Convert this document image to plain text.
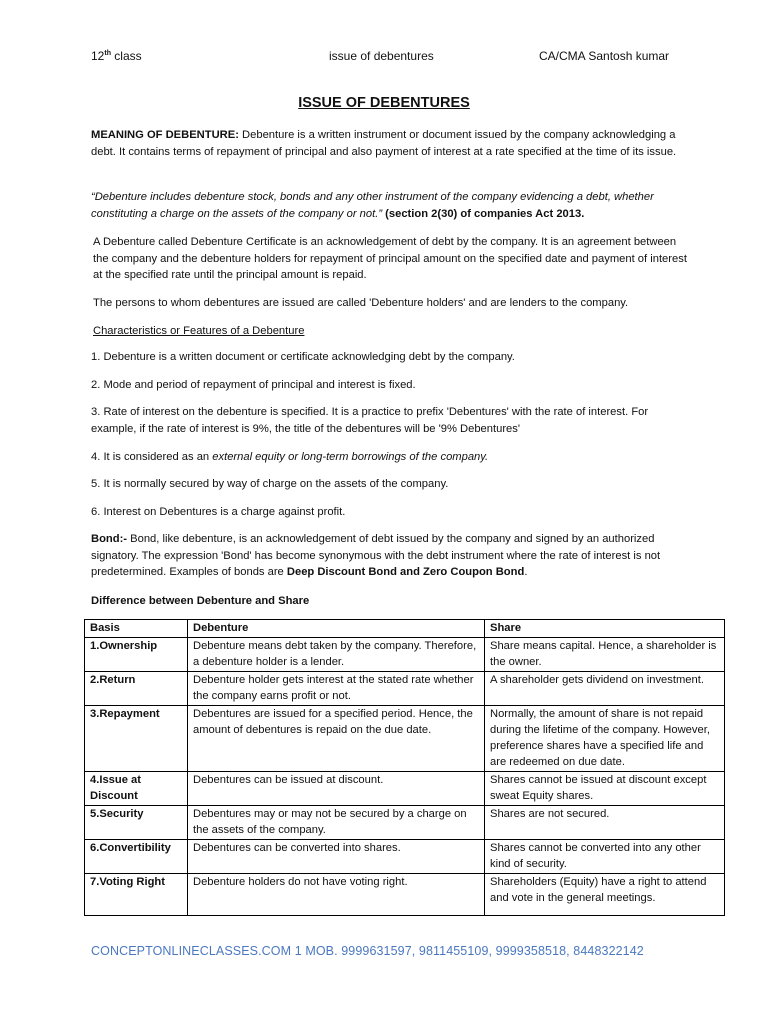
12th class	issue of debentures	CA/CMA Santosh kumar
ISSUE OF DEBENTURES

MEANING OF DEBENTURE: Debenture is a written instrument or document issued by the company acknowledging a debt. It contains terms of repayment of principal and also payment of interest at a rate specified at the time of its issue.

“Debenture includes debenture stock, bonds and any other instrument of the company evidencing a debt, whether constituting a charge on the assets of the company or not.” (section 2(30) of companies Act 2013.

A Debenture called Debenture Certificate is an acknowledgement of debt by the company. It is an agreement between the company and the debenture holders for repayment of principal amount on the specified date and payment of interest at the specified rate until the principal amount is repaid.

The persons to whom debentures are issued are called 'Debenture holders' and are lenders to the company.

Characteristics or Features of a Debenture

1. Debenture is a written document or certificate acknowledging debt by the company.

2. Mode and period of repayment of principal and interest is fixed.

3. Rate of interest on the debenture is specified. It is a practice to prefix 'Debentures' with the rate of interest. For example, if the rate of interest is 9%, the title of the debentures will be '9% Debentures'

4. It is considered as an external equity or long-term borrowings of the company.

5. It is normally secured by way of charge on the assets of the company.

6. Interest on Debentures is a charge against profit.

Bond:- Bond, like debenture, is an acknowledgement of debt issued by the company and signed by an authorized signatory. The expression 'Bond' has become synonymous with the debt instrument where the rate of interest is not predetermined. Examples of bonds are Deep Discount Bond and Zero Coupon Bond.

Difference between Debenture and Share

Basis	Debenture	Share
1.Ownership	Debenture means debt taken by the company. Therefore, a debenture holder is a lender.	Share means capital. Hence, a shareholder is the owner.
2.Return	Debenture holder gets interest at the stated rate whether the company earns profit or not.	A shareholder gets dividend on investment.
3.Repayment	Debentures are issued for a specified period. Hence, the amount of debentures is repaid on the due date.	Normally, the amount of share is not repaid during the lifetime of the company. However, preference shares have a specified life and are redeemed on due date.
4.Issue at Discount	Debentures can be issued at discount.	Shares cannot be issued at discount except sweat Equity shares.
5.Security	Debentures may or may not be secured by a charge on the assets of the company.	Shares are not secured.
6.Convertibility	Debentures can be converted into shares.	Shares cannot be converted into any other kind of security.
7.Voting Right	Debenture holders do not have voting right.	Shareholders (Equity) have a right to attend and vote in the general meetings.
CONCEPTONLINECLASSES.COM 1 MOB. 9999631597, 9811455109, 9999358518, 8448322142
